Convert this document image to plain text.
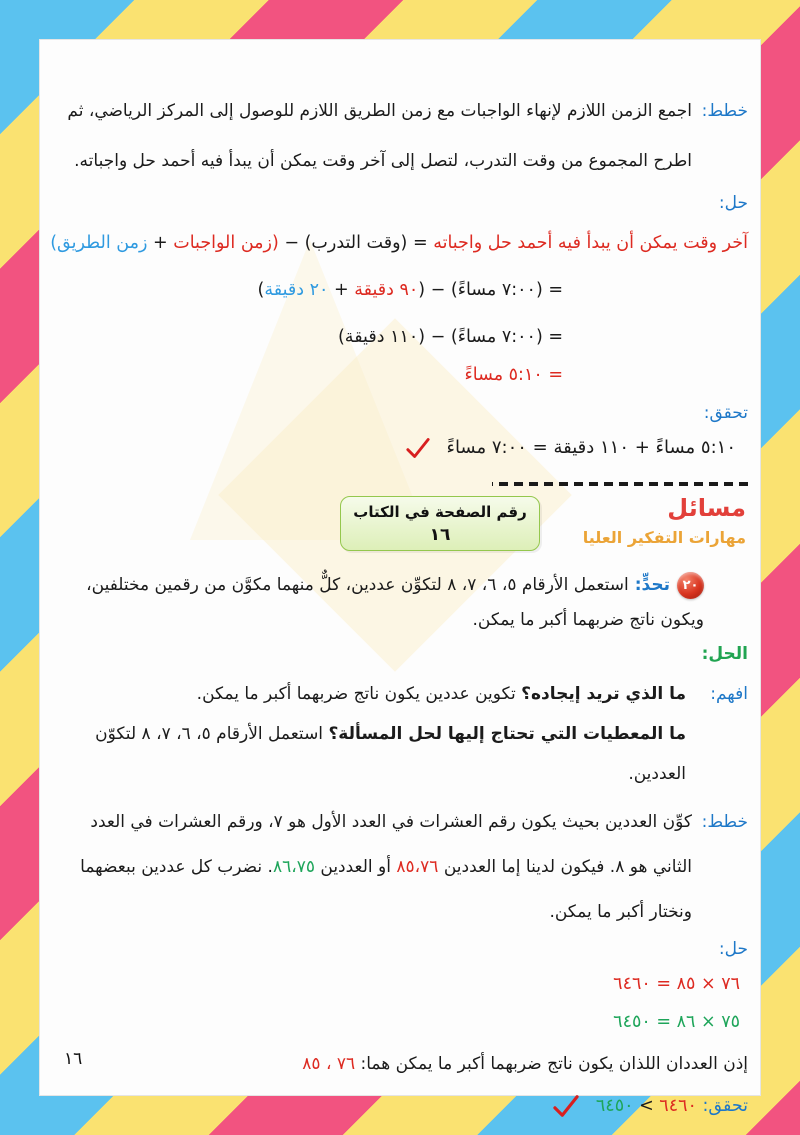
خطط:
اجمع الزمن اللازم لإنهاء الواجبات مع زمن الطريق اللازم للوصول إلى المركز الرياضي، ثم اطرح المجموع من وقت التدرب، لتصل إلى آخر وقت يمكن أن يبدأ فيه أحمد حل واجباته.
حل:
آخر وقت يمكن أن يبدأ فيه أحمد حل واجباته = (وقت التدرب) − (زمن الواجبات + زمن الطريق)
= (٧:٠٠ مساءً) − (٩٠ دقيقة + ٢٠ دقيقة)
= (٧:٠٠ مساءً) − (١١٠ دقيقة)
= ٥:١٠ مساءً
تحقق:
٥:١٠ مساءً + ١١٠ دقيقة = ٧:٠٠ مساءً
مسائل
مهارات التفكير العليا
رقم الصفحة في الكتاب
١٦
٢٠تحدٍّ:استعمل الأرقام ٥، ٦، ٧، ٨ لتكوِّن عددين، كلٌّ منهما مكوَّن من رقمين مختلفين، ويكون ناتج ضربهما أكبر ما يمكن.
الحل:
افهم:
ما الذي تريد إيجاده؟ تكوين عددين يكون ناتج ضربهما أكبر ما يمكن.
ما المعطيات التي تحتاج إليها لحل المسألة؟ استعمل الأرقام ٥، ٦، ٧، ٨ لتكوّن العددين.
خطط:
كوِّن العددين بحيث يكون رقم العشرات في العدد الأول هو ٧، ورقم العشرات في العدد الثاني هو ٨. فيكون لدينا إما العددين ٨٥،٧٦ أو العددين ٨٦،٧٥. نضرب كل عددين ببعضهما ونختار أكبر ما يمكن.
حل:
٧٦ × ٨٥ = ٦٤٦٠
٧٥ × ٨٦ = ٦٤٥٠
إذن العددان اللذان يكون ناتج ضربهما أكبر ما يمكن هما: ٧٦ ، ٨٥
تحقق: ٦٤٦٠ > ٦٤٥٠
١٦
